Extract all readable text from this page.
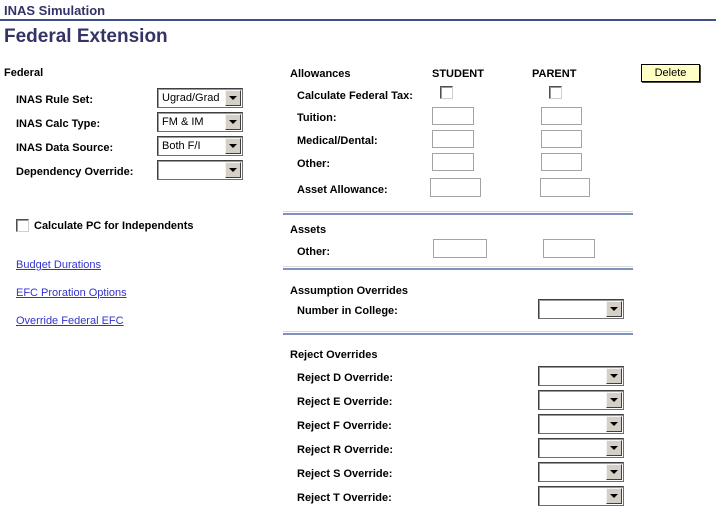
INAS Simulation
Federal Extension
Federal
INAS Rule Set:	Ugrad/Grad
INAS Calc Type:	FM & IM
INAS Data Source:	Both F/I
Dependency Override:
Calculate PC for Independents
Budget Durations
EFC Proration Options
Override Federal EFC
Allowances	STUDENT	PARENT	Delete
Calculate Federal Tax:
Tuition:
Medical/Dental:
Other:
Asset Allowance:
Assets
Other:
Assumption Overrides
Number in College:
Reject Overrides
Reject D Override:
Reject E Override:
Reject F Override:
Reject R Override:
Reject S Override:
Reject T Override:
